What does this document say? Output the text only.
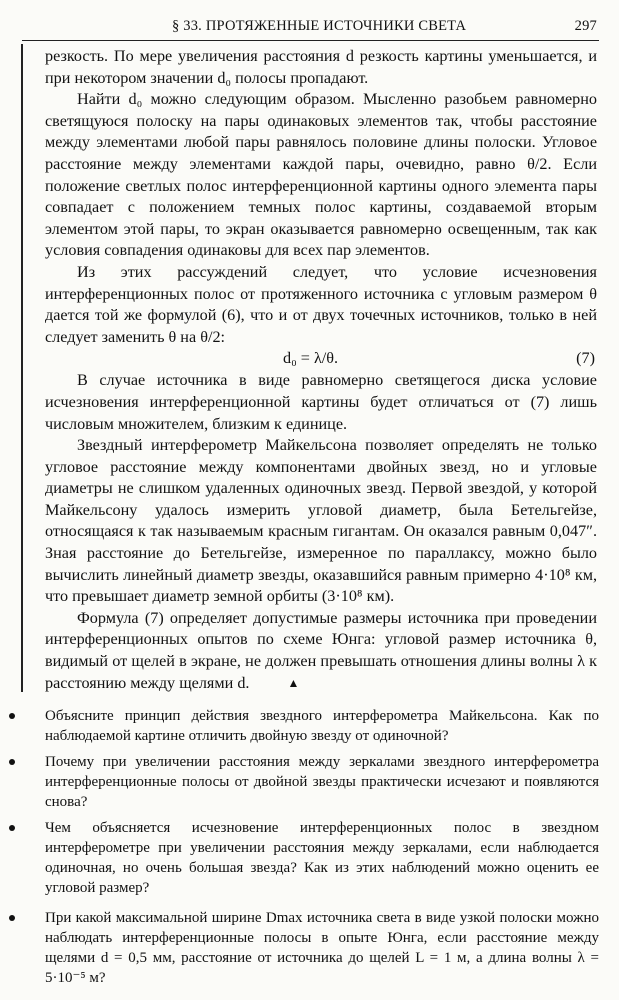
§ 33. ПРОТЯЖЕННЫЕ ИСТОЧНИКИ СВЕТА	297

резкость. По мере увеличения расстояния d резкость картины уменьшается, и при некотором значении d₀ полосы пропадают.

Найти d₀ можно следующим образом. Мысленно разобьем равномерно светящуюся полоску на пары одинаковых элементов так, чтобы расстояние между элементами любой пары равнялось половине длины полоски. Угловое расстояние между элементами каждой пары, очевидно, равно θ/2. Если положение светлых полос интерференционной картины одного элемента пары совпадает с положением темных полос картины, создаваемой вторым элементом этой пары, то экран оказывается равномерно освещенным, так как условия совпадения одинаковы для всех пар элементов.

Из этих рассуждений следует, что условие исчезновения интерференционных полос от протяженного источника с угловым размером θ дается той же формулой (6), что и от двух точечных источников, только в ней следует заменить θ на θ/2:

d₀ = λ/θ.	(7)

В случае источника в виде равномерно светящегося диска условие исчезновения интерференционной картины будет отличаться от (7) лишь числовым множителем, близким к единице.

Звездный интерферометр Майкельсона позволяет определять не только угловое расстояние между компонентами двойных звезд, но и угловые диаметры не слишком удаленных одиночных звезд. Первой звездой, у которой Майкельсону удалось измерить угловой диаметр, была Бетельгейзе, относящаяся к так называемым красным гигантам. Он оказался равным 0,047″. Зная расстояние до Бетельгейзе, измеренное по параллаксу, можно было вычислить линейный диаметр звезды, оказавшийся равным примерно 4·10⁸ км, что превышает диаметр земной орбиты (3·10⁸ км).

Формула (7) определяет допустимые размеры источника при проведении интерференционных опытов по схеме Юнга: угловой размер источника θ, видимый от щелей в экране, не должен превышать отношения длины волны λ к расстоянию между щелями d.	▲

Объясните принцип действия звездного интерферометра Майкельсона. Как по наблюдаемой картине отличить двойную звезду от одиночной?
Почему при увеличении расстояния между зеркалами звездного интерферометра интерференционные полосы от двойной звезды практически исчезают и появляются снова?
Чем объясняется исчезновение интерференционных полос в звездном интерферометре при увеличении расстояния между зеркалами, если наблюдается одиночная, но очень большая звезда? Как из этих наблюдений можно оценить ее угловой размер?
При какой максимальной ширине Dmax источника света в виде узкой полоски можно наблюдать интерференционные полосы в опыте Юнга, если расстояние между щелями d = 0,5 мм, расстояние от источника до щелей L = 1 м, а длина волны λ = 5·10⁻⁵ м?
